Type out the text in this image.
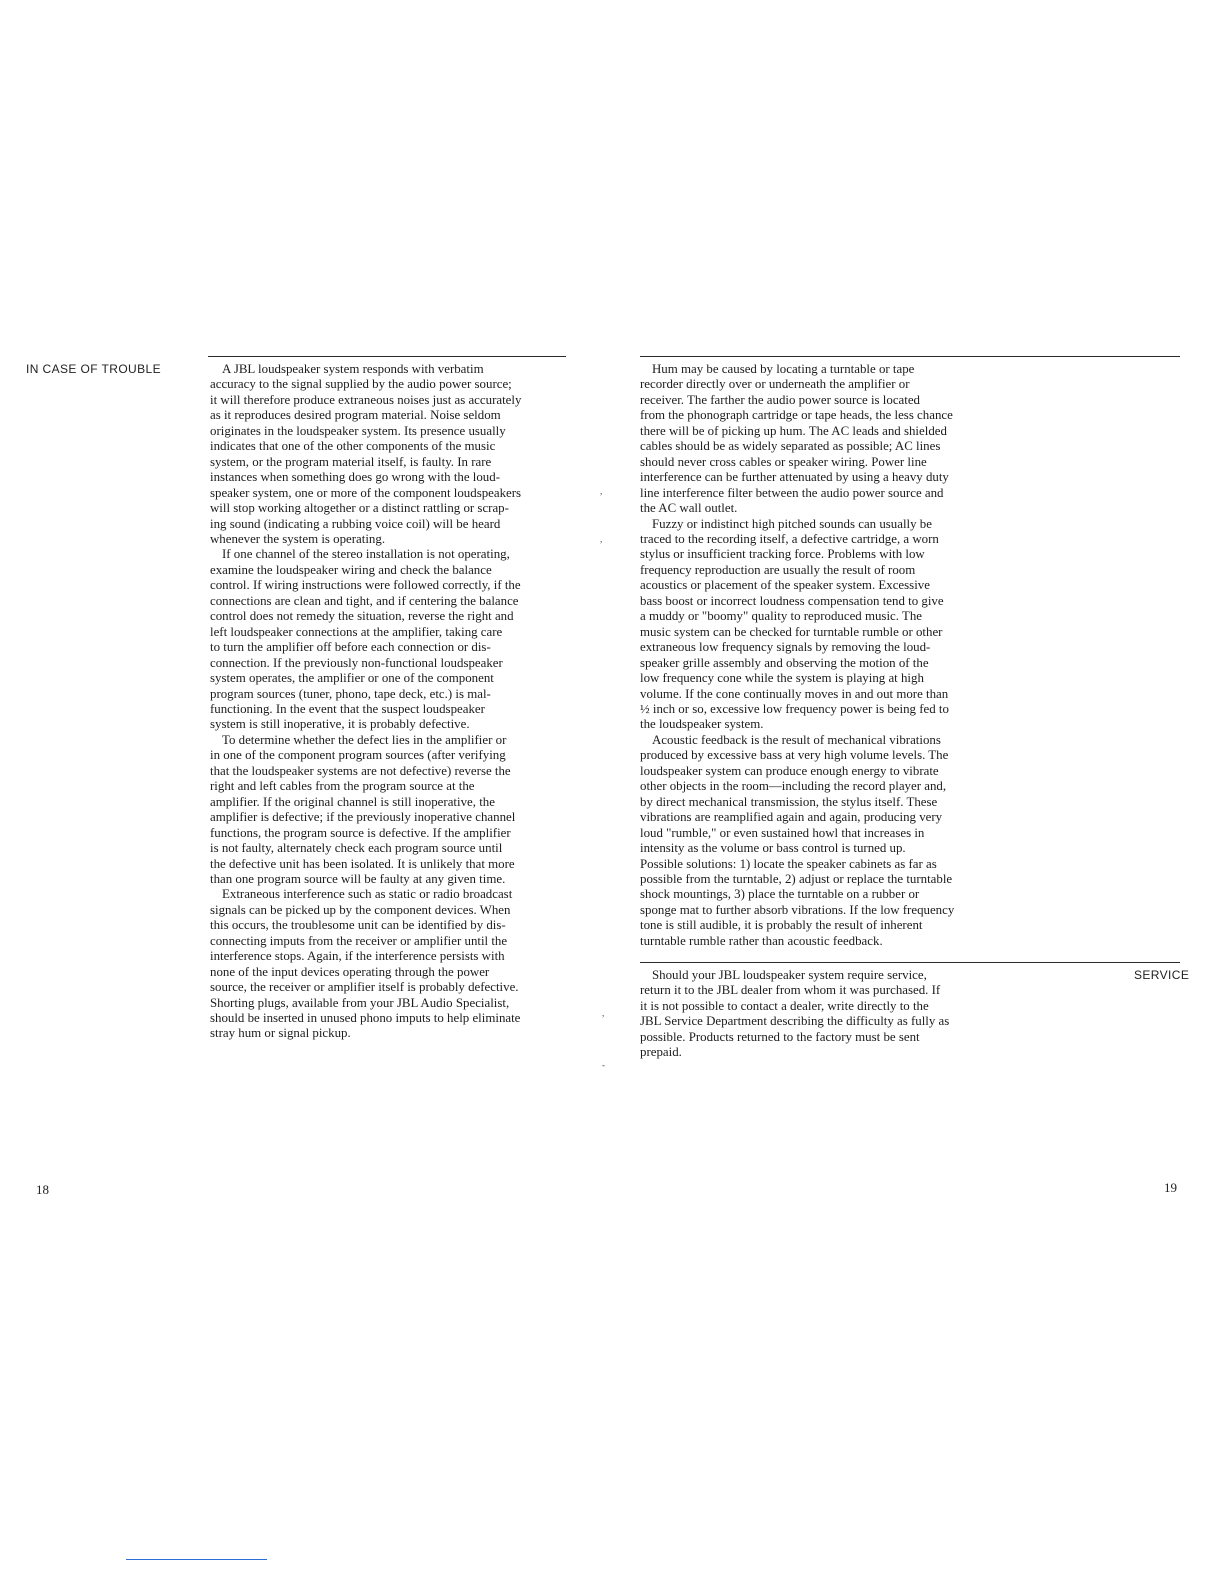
IN CASE OF TROUBLE	A JBL loudspeaker system responds with verbatim
accuracy to the signal supplied by the audio power source;
it will therefore produce extraneous noises just as accurately
as it reproduces desired program material. Noise seldom
originates in the loudspeaker system. Its presence usually
indicates that one of the other components of the music
system, or the program material itself, is faulty. In rare
instances when something does go wrong with the loud-
speaker system, one or more of the component loudspeakers
will stop working altogether or a distinct rattling or scrap-
ing sound (indicating a rubbing voice coil) will be heard
whenever the system is operating.

If one channel of the stereo installation is not operating,
examine the loudspeaker wiring and check the balance
control. If wiring instructions were followed correctly, if the
connections are clean and tight, and if centering the balance
control does not remedy the situation, reverse the right and
left loudspeaker connections at the amplifier, taking care
to turn the amplifier off before each connection or dis-
connection. If the previously non-functional loudspeaker
system operates, the amplifier or one of the component
program sources (tuner, phono, tape deck, etc.) is mal-
functioning. In the event that the suspect loudspeaker
system is still inoperative, it is probably defective.

To determine whether the defect lies in the amplifier or
in one of the component program sources (after verifying
that the loudspeaker systems are not defective) reverse the
right and left cables from the program source at the
amplifier. If the original channel is still inoperative, the
amplifier is defective; if the previously inoperative channel
functions, the program source is defective. If the amplifier
is not faulty, alternately check each program source until
the defective unit has been isolated. It is unlikely that more
than one program source will be faulty at any given time.

Extraneous interference such as static or radio broadcast
signals can be picked up by the component devices. When
this occurs, the troublesome unit can be identified by dis-
connecting imputs from the receiver or amplifier until the
interference stops. Again, if the interference persists with
none of the input devices operating through the power
source, the receiver or amplifier itself is probably defective.
Shorting plugs, available from your JBL Audio Specialist,
should be inserted in unused phono imputs to help eliminate
stray hum or signal pickup.

18

Hum may be caused by locating a turntable or tape
recorder directly over or underneath the amplifier or
receiver. The farther the audio power source is located
from the phonograph cartridge or tape heads, the less chance
there will be of picking up hum. The AC leads and shielded
cables should be as widely separated as possible; AC lines
should never cross cables or speaker wiring. Power line
interference can be further attenuated by using a heavy duty
line interference filter between the audio power source and
the AC wall outlet.

Fuzzy or indistinct high pitched sounds can usually be
traced to the recording itself, a defective cartridge, a worn
stylus or insufficient tracking force. Problems with low
frequency reproduction are usually the result of room
acoustics or placement of the speaker system. Excessive
bass boost or incorrect loudness compensation tend to give
a muddy or "boomy" quality to reproduced music. The
music system can be checked for turntable rumble or other
extraneous low frequency signals by removing the loud-
speaker grille assembly and observing the motion of the
low frequency cone while the system is playing at high
volume. If the cone continually moves in and out more than
½ inch or so, excessive low frequency power is being fed to
the loudspeaker system.

Acoustic feedback is the result of mechanical vibrations
produced by excessive bass at very high volume levels. The
loudspeaker system can produce enough energy to vibrate
other objects in the room—including the record player and,
by direct mechanical transmission, the stylus itself. These
vibrations are reamplified again and again, producing very
loud "rumble," or even sustained howl that increases in
intensity as the volume or bass control is turned up.
Possible solutions: 1) locate the speaker cabinets as far as
possible from the turntable, 2) adjust or replace the turntable
shock mountings, 3) place the turntable on a rubber or
sponge mat to further absorb vibrations. If the low frequency
tone is still audible, it is probably the result of inherent
turntable rumble rather than acoustic feedback.

SERVICE

Should your JBL loudspeaker system require service,
return it to the JBL dealer from whom it was purchased. If
it is not possible to contact a dealer, write directly to the
JBL Service Department describing the difficulty as fully as
possible. Products returned to the factory must be sent
prepaid.

19
,
,
,
-
